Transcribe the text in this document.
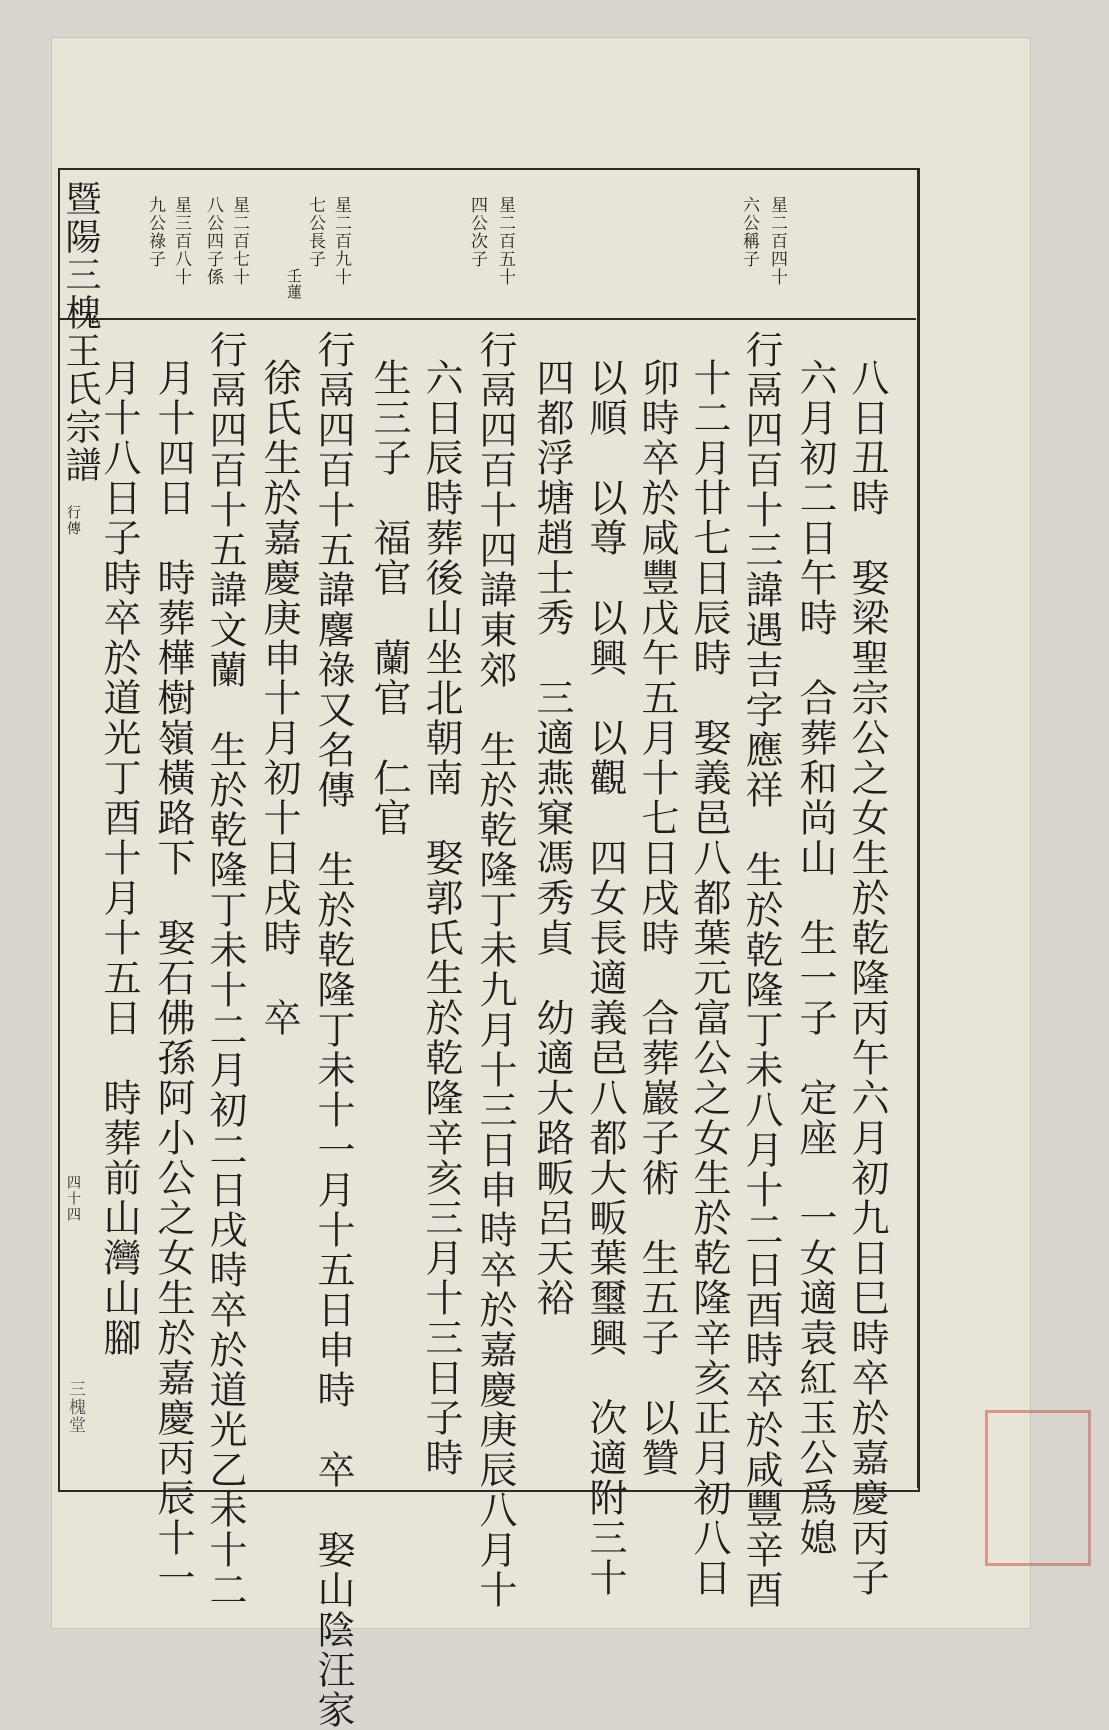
暨陽三槐王氏宗譜
行傳
四十四
三槐堂
星二百四十
六公稱子
星二百五十
四公次子
星二百九十
七公長子
壬蓮
星二百七十
八公四子係
星三百八十
九公祿子
八日丑時　娶梁聖宗公之女生於乾隆丙午六月初九日巳時卒於嘉慶丙子
六月初二日午時　合葬和尚山　生一子　定座　一女適袁紅玉公爲媳
行鬲四百十三諱遇吉字應祥　生於乾隆丁未八月十二日酉時卒於咸豐辛酉
十二月廿七日辰時　娶義邑八都葉元富公之女生於乾隆辛亥正月初八日
卯時卒於咸豐戊午五月十七日戌時　合葬巖子術　生五子　以贊
以順　以尊　以興　以觀　四女長適義邑八都大畈葉璽興　次適附三十
四都浮塘趙士秀　三適燕窠馮秀貞　幼適大路畈呂天裕
行鬲四百十四諱東郊　生於乾隆丁未九月十三日申時卒於嘉慶庚辰八月十
六日辰時葬後山坐北朝南　娶郭氏生於乾隆辛亥三月十三日子時
生三子　福官　蘭官　仁官
行鬲四百十五諱麐祿又名傳　生於乾隆丁未十一月十五日申時　卒　娶山陰汪家
徐氏生於嘉慶庚申十月初十日戌時　卒
行鬲四百十五諱文蘭　生於乾隆丁未十二月初二日戌時卒於道光乙未十二
月十四日　時葬樺樹嶺橫路下　娶石佛孫阿小公之女生於嘉慶丙辰十一
月十八日子時卒於道光丁酉十月十五日　時葬前山灣山腳
